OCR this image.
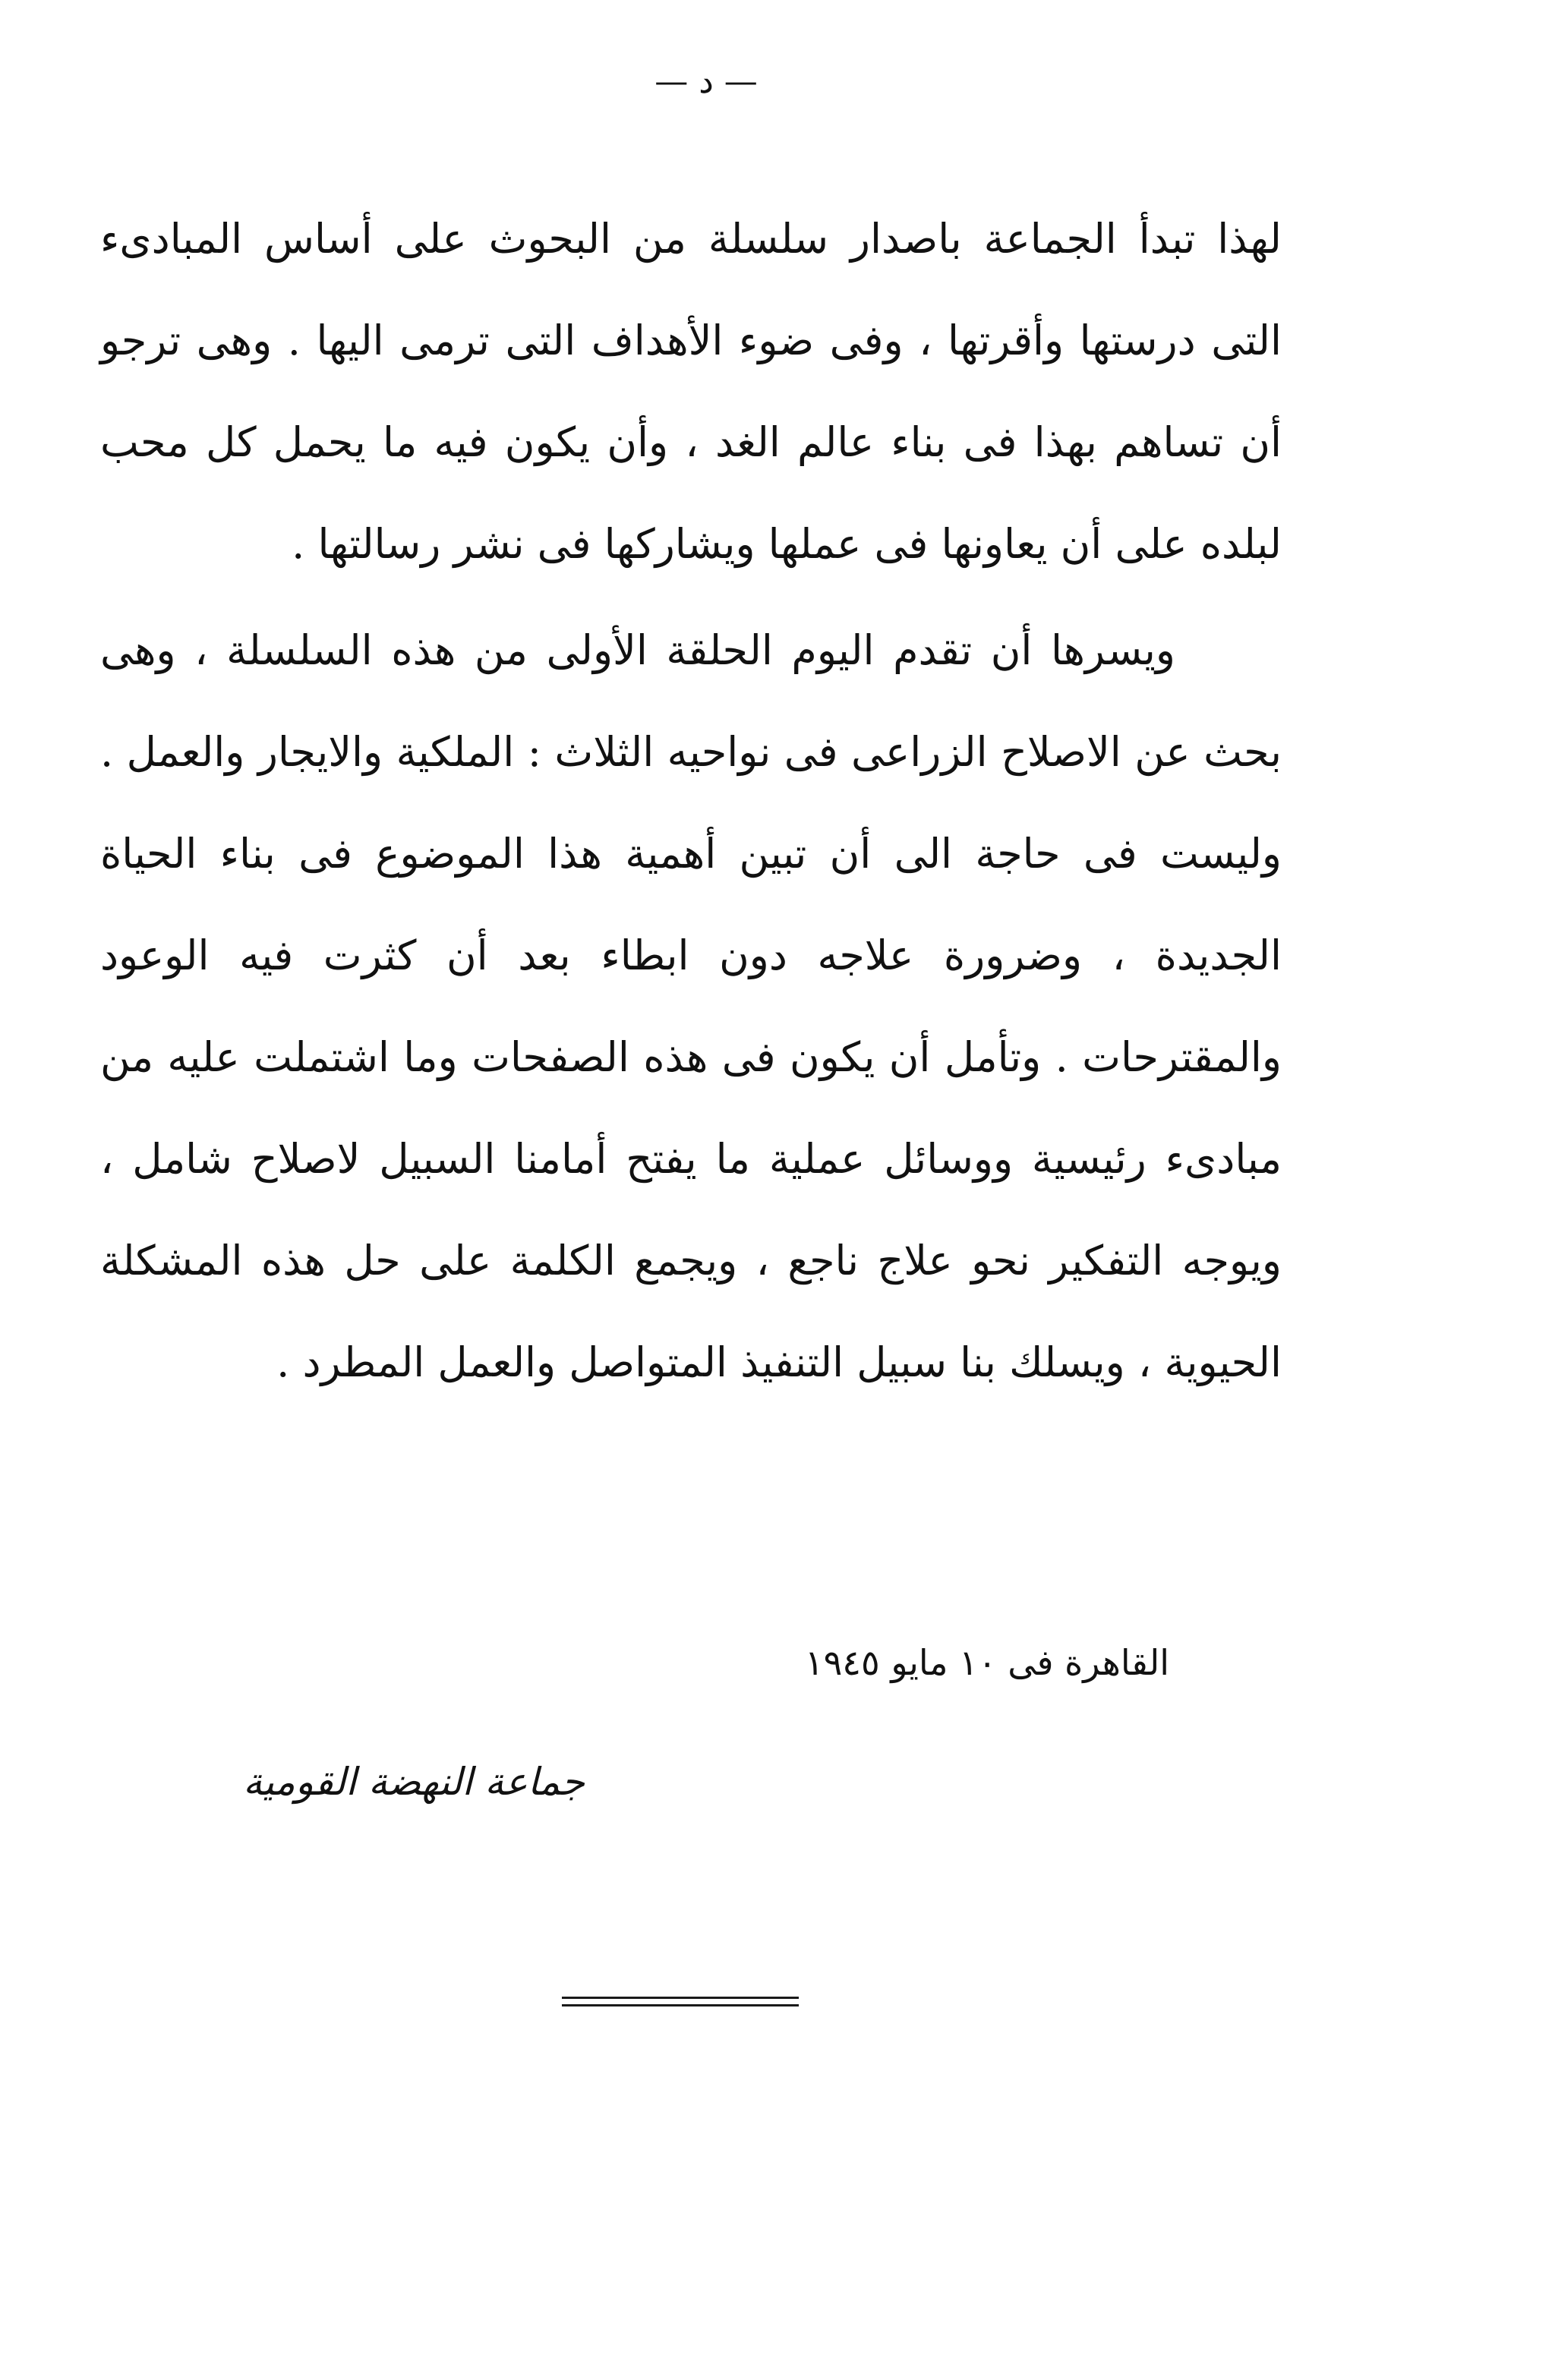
— د —

لهذا تبدأ الجماعة باصدار سلسلة من البحوث على أساس المبادىء التى درستها وأقرتها ، وفى ضوء الأهداف التى ترمى اليها . وهى ترجو أن تساهم بهذا فى بناء عالم الغد ، وأن يكون فيه ما يحمل كل محب لبلده على أن يعاونها فى عملها ويشاركها فى نشر رسالتها .

ويسرها أن تقدم اليوم الحلقة الأولى من هذه السلسلة ، وهى بحث عن الاصلاح الزراعى فى نواحيه الثلاث : الملكية والايجار والعمل . وليست فى حاجة الى أن تبين أهمية هذا الموضوع فى بناء الحياة الجديدة ، وضرورة علاجه دون ابطاء بعد أن كثرت فيه الوعود والمقترحات . وتأمل أن يكون فى هذه الصفحات وما اشتملت عليه من مبادىء رئيسية ووسائل عملية ما يفتح أمامنا السبيل لاصلاح شامل ، ويوجه التفكير نحو علاج ناجع ، ويجمع الكلمة على حل هذه المشكلة الحيوية ، ويسلك بنا سبيل التنفيذ المتواصل والعمل المطرد .

القاهرة فى ١٠ مايو ١٩٤٥
جماعة النهضة القومية
